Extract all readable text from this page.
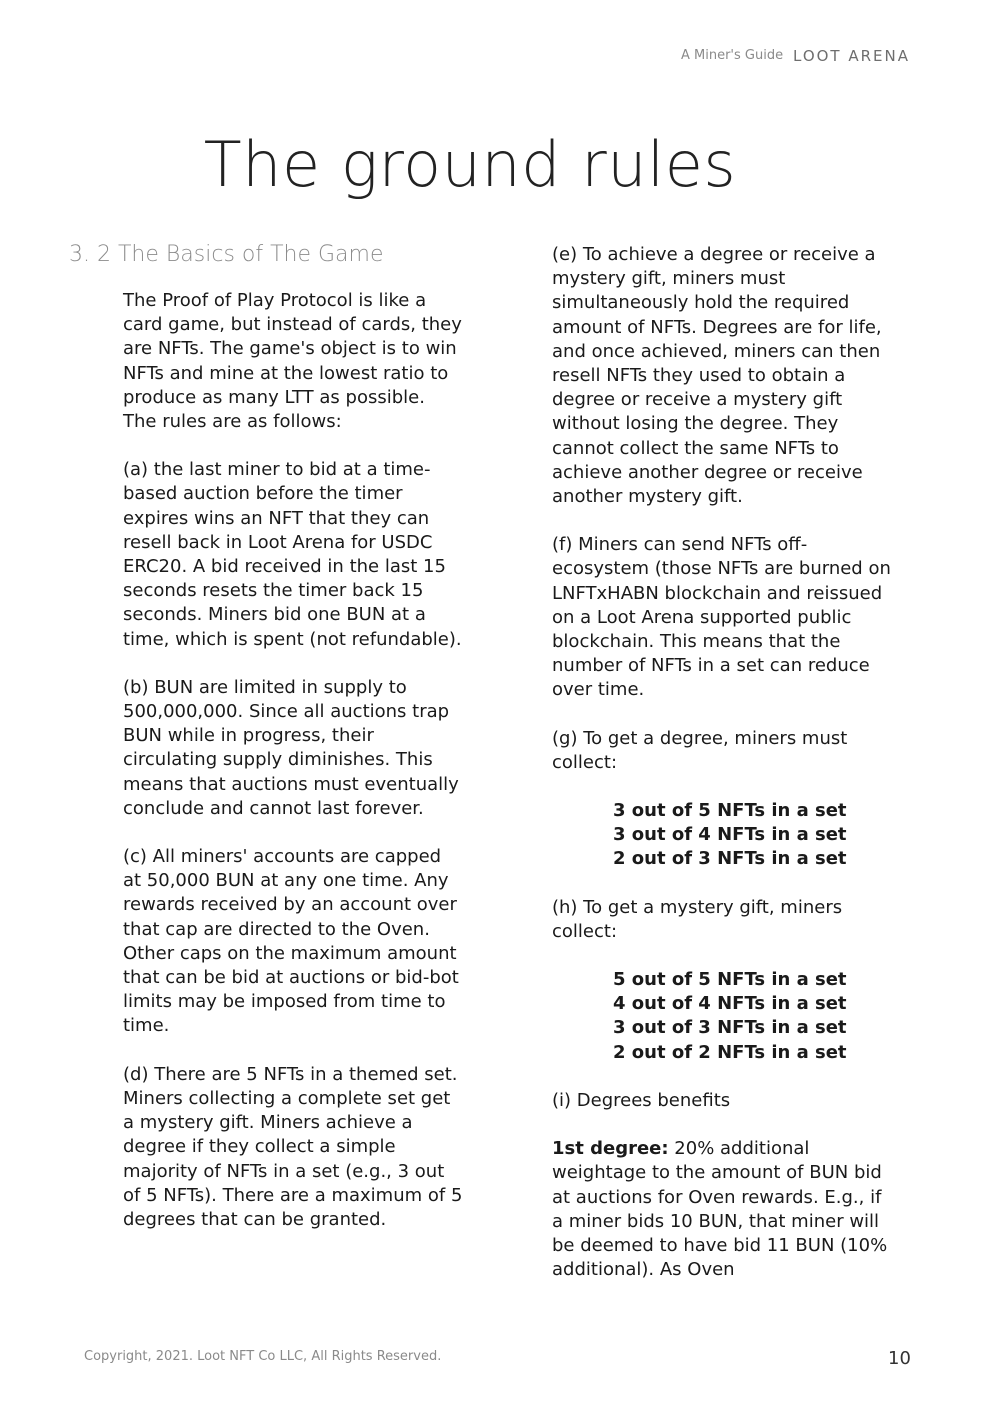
A Miner's Guide LOOT ARENA
The ground rules
3. 2 The Basics of The Game

The Proof of Play Protocol is like a card game, but instead of cards, they are NFTs. The game's object is to win NFTs and mine at the lowest ratio to produce as many LTT as possible. The rules are as follows:

(a) the last miner to bid at a time-based auction before the timer expires wins an NFT that they can resell back in Loot Arena for USDC ERC20. A bid received in the last 15 seconds resets the timer back 15 seconds. Miners bid one BUN at a time, which is spent (not refundable).

(b) BUN are limited in supply to 500,000,000. Since all auctions trap BUN while in progress, their circulating supply diminishes. This means that auctions must eventually conclude and cannot last forever.

(c) All miners' accounts are capped at 50,000 BUN at any one time. Any rewards received by an account over that cap are directed to the Oven. Other caps on the maximum amount that can be bid at auctions or bid-bot limits may be imposed from time to time.

(d) There are 5 NFTs in a themed set. Miners collecting a complete set get a mystery gift. Miners achieve a degree if they collect a simple majority of NFTs in a set (e.g., 3 out of 5 NFTs). There are a maximum of 5 degrees that can be granted.

(e) To achieve a degree or receive a mystery gift, miners must simultaneously hold the required amount of NFTs. Degrees are for life, and once achieved, miners can then resell NFTs they used to obtain a degree or receive a mystery gift without losing the degree. They cannot collect the same NFTs to achieve another degree or receive another mystery gift.

(f) Miners can send NFTs off-ecosystem (those NFTs are burned on LNFTxHABN blockchain and reissued on a Loot Arena supported public blockchain. This means that the number of NFTs in a set can reduce over time.

(g) To get a degree, miners must collect:

3 out of 5 NFTs in a set
3 out of 4 NFTs in a set
2 out of 3 NFTs in a set

(h) To get a mystery gift, miners collect:

5 out of 5 NFTs in a set
4 out of 4 NFTs in a set
3 out of 3 NFTs in a set
2 out of 2 NFTs in a set

(i) Degrees benefits

1st degree: 20% additional weightage to the amount of BUN bid at auctions for Oven rewards. E.g., if a miner bids 10 BUN, that miner will be deemed to have bid 11 BUN (10% additional). As Oven

Copyright, 2021. Loot NFT Co LLC, All Rights Reserved.	10
